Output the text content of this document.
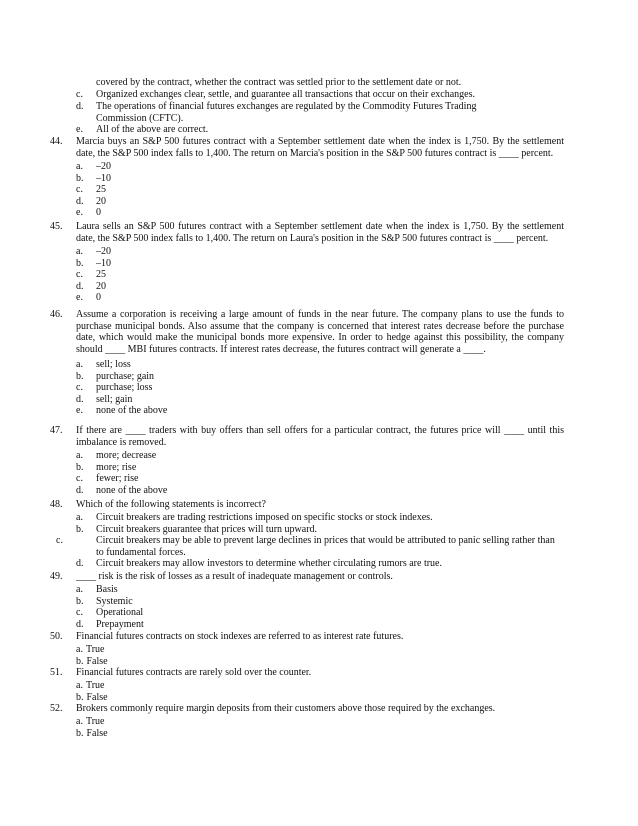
covered by the contract, whether the contract was settled prior to the settlement date or not.
c.	Organized exchanges clear, settle, and guarantee all transactions that occur on their exchanges.
d.	The operations of financial futures exchanges are regulated by the Commodity Futures Trading
Commission (CFTC).
e.	All of the above are correct.
44.	Marcia buys an S&P 500 futures contract with a September settlement date when the index is 1,750. By the settlement date, the S&P 500 index falls to 1,400. The return on Marcia's position in the S&P 500 futures contract is ____ percent.
a. –20
b. –10
c. 25
d. 20
e. 0
45.	Laura sells an S&P 500 futures contract with a September settlement date when the index is 1,750. By the settlement date, the S&P 500 index falls to 1,400. The return on Laura's position in the S&P 500 futures contract is ____ percent.
a. –20
b. –10
c. 25
d. 20
e. 0
46.	Assume a corporation is receiving a large amount of funds in the near future. The company plans to use the funds to purchase municipal bonds. Also assume that the company is concerned that interest rates decrease before the purchase date, which would make the municipal bonds more expensive. In order to hedge against this possibility, the company should ____ MBI futures contracts. If interest rates decrease, the futures contract will generate a ____.
a. sell; loss
b. purchase; gain
c. purchase; loss
d. sell; gain
e. none of the above
47.	If there are ____ traders with buy offers than sell offers for a particular contract, the futures price will ____ until this imbalance is removed.
a. more; decrease
b. more; rise
c. fewer; rise
d. none of the above
48.	Which of the following statements is incorrect?
a. Circuit breakers are trading restrictions imposed on specific stocks or stock indexes.
b. Circuit breakers guarantee that prices will turn upward.
c.	Circuit breakers may be able to prevent large declines in prices that would be attributed to panic selling rather than to fundamental forces.
d. Circuit breakers may allow investors to determine whether circulating rumors are true.
49.	____ risk is the risk of losses as a result of inadequate management or controls.
a. Basis
b. Systemic
c. Operational
d. Prepayment
50.	Financial futures contracts on stock indexes are referred to as interest rate futures.
a. True
b. False
51.	Financial futures contracts are rarely sold over the counter.
a. True
b. False
52.	Brokers commonly require margin deposits from their customers above those required by the exchanges.
a. True
b. False
